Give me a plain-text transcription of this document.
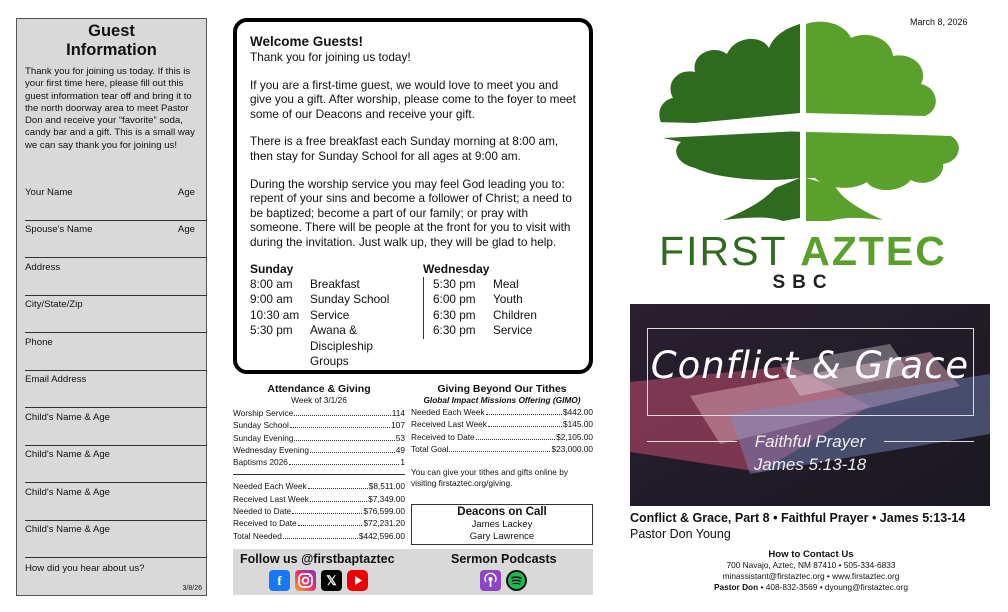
Guest
Information
Thank you for joining us today. If this is your first time here, please fill out this guest information tear off and bring it to the north doorway area to meet Pastor Don and receive your “favorite” soda, candy bar and a gift. This is a small way we can say thank you for joining us!
Your Name	Age
Spouse's Name	Age
Address
City/State/Zip
Phone
Email Address
Child's Name & Age
Child's Name & Age
Child's Name & Age
Child's Name & Age
How did you hear about us?
3/8/26
Welcome Guests!

Thank you for joining us today!

If you are a first-time guest, we would love to meet you and give you a gift. After worship, please come to the foyer to meet some of our Deacons and receive your gift.

There is a free breakfast each Sunday morning at 8:00 am, then stay for Sunday School for all ages at 9:00 am.

During the worship service you may feel God leading you to: repent of your sins and become a follower of Christ; a need to be baptized; become a part of our family; or pray with someone. There will be people at the front for you to visit with during the invitation. Just walk up, they will be glad to help.

Sunday
8:00 am	Breakfast
9:00 am	Sunday School
10:30 am Service
5:30 pm	Awana & Discipleship Groups
Wednesday
5:30 pm	Meal
6:00 pm	Youth
6:30 pm	Children
6:30 pm	Service
Attendance & Giving
Week of 3/1/26
Worship Service	114
Sunday School	107
Sunday Evening	53
Wednesday Evening	49
Baptisms 2026	1
Needed Each Week	$8,511.00
Received Last Week	$7,349.00
Needed to Date	$76,599.00
Received to Date	$72,231.20
Total Needed	$442,596.00
Giving Beyond Our Tithes
Global Impact Missions Offering (GIMO)
Needed Each Week	$442.00
Received Last Week	$145.00
Received to Date	$2,105.00
Total Goal	$23,000.00
You can give your tithes and gifts online by visiting firstaztec.org/giving.
Deacons on Call
James Lackey
Gary Lawrence
Follow us @firstbaptaztec	Sermon Podcasts
f	𝕏
March 8, 2026
FIRST AZTEC
SBC
Conflict & Grace
Faithful Prayer
James 5:13-18
Conflict & Grace, Part 8 • Faithful Prayer • James 5:13-14
Pastor Don Young
How to Contact Us
700 Navajo, Aztec, NM 87410 • 505-334-6833
minassistant@firstaztec.org • www.firstaztec.org
Pastor Don • 408-832-3569 • dyoung@firstaztec.org
